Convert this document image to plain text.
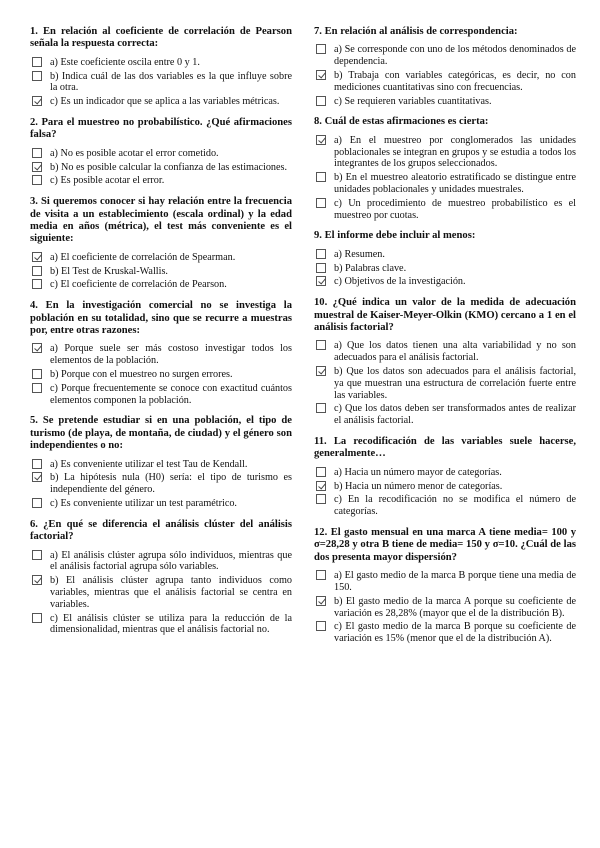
1. En relación al coeficiente de correlación de Pearson señala la respuesta correcta:
a) Este coeficiente oscila entre 0 y 1.
b) Indica cuál de las dos variables es la que influye sobre la otra.
c) Es un indicador que se aplica a las variables métricas.
2. Para el muestreo no probabilístico. ¿Qué afirmaciones falsa?
a) No es posible acotar el error cometido.
b) No es posible calcular la confianza de las estimaciones.
c) Es posible acotar el error.
3. Si queremos conocer si hay relación entre la frecuencia de visita a un establecimiento (escala ordinal) y la edad media en años (métrica), el test más conveniente es el siguiente:
a) El coeficiente de correlación de Spearman.
b) El Test de Kruskal-Wallis.
c) El coeficiente de correlación de Pearson.
4. En la investigación comercial no se investiga la población en su totalidad, sino que se recurre a muestras por, entre otras razones:
a) Porque suele ser más costoso investigar todos los elementos de la población.
b) Porque con el muestreo no surgen errores.
c) Porque frecuentemente se conoce con exactitud cuántos elementos componen la población.
5. Se pretende estudiar si en una población, el tipo de turismo (de playa, de montaña, de ciudad) y el género son independientes o no:
a) Es conveniente utilizar el test Tau de Kendall.
b) La hipótesis nula (H0) sería: el tipo de turismo es independiente del género.
c) Es conveniente utilizar un test paramétrico.
6. ¿En qué se diferencia el análisis clúster del análisis factorial?
a) El análisis clúster agrupa sólo individuos, mientras que el análisis factorial agrupa sólo variables.
b) El análisis clúster agrupa tanto individuos como variables, mientras que el análisis factorial se centra en variables.
c) El análisis clúster se utiliza para la reducción de la dimensionalidad, mientras que el análisis factorial no.
7. En relación al análisis de correspondencia:
a) Se corresponde con uno de los métodos denominados de dependencia.
b) Trabaja con variables categóricas, es decir, no con mediciones cuantitativas sino con frecuencias.
c) Se requieren variables cuantitativas.
8. Cuál de estas afirmaciones es cierta:
a) En el muestreo por conglomerados las unidades poblacionales se integran en grupos y se estudia a todos los integrantes de los grupos seleccionados.
b) En el muestreo aleatorio estratificado se distingue entre unidades poblacionales y unidades muestrales.
c) Un procedimiento de muestreo probabilístico es el muestreo por cuotas.
9. El informe debe incluir al menos:
a) Resumen.
b) Palabras clave.
c) Objetivos de la investigación.
10. ¿Qué indica un valor de la medida de adecuación muestral de Kaiser-Meyer-Olkin (KMO) cercano a 1 en el análisis factorial?
a) Que los datos tienen una alta variabilidad y no son adecuados para el análisis factorial.
b) Que los datos son adecuados para el análisis factorial, ya que muestran una estructura de correlación fuerte entre las variables.
c) Que los datos deben ser transformados antes de realizar el análisis factorial.
11. La recodificación de las variables suele hacerse, generalmente…
a) Hacia un número mayor de categorías.
b) Hacia un número menor de categorías.
c) En la recodificación no se modifica el número de categorías.
12. El gasto mensual en una marca A tiene media= 100 y σ=28,28 y otra B tiene de media= 150 y σ=10. ¿Cuál de las dos presenta mayor dispersión?
a) El gasto medio de la marca B porque tiene una media de 150.
b) El gasto medio de la marca A porque su coeficiente de variación es 28,28% (mayor que el de la distribución B).
c) El gasto medio de la marca B porque su coeficiente de variación es 15% (menor que el de la distribución A).
